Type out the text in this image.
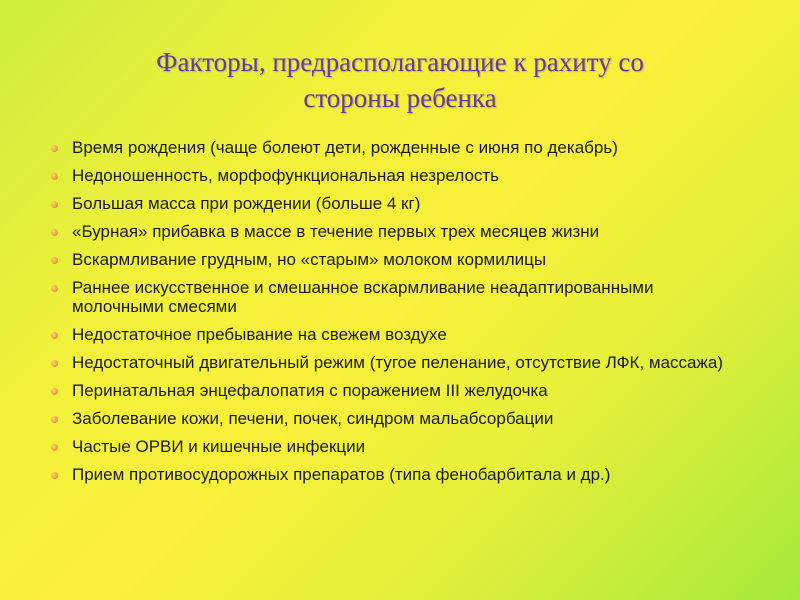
Факторы, предрасполагающие к рахиту со
стороны ребенка
Время рождения (чаще болеют дети, рожденные с июня по декабрь)
Недоношенность, морфофункциональная незрелость
Большая масса при рождении (больше 4 кг)
«Бурная» прибавка в массе в течение первых трех месяцев жизни
Вскармливание грудным, но «старым» молоком кормилицы
Раннее искусственное и смешанное вскармливание неадаптированными молочными смесями
Недостаточное пребывание на свежем воздухе
Недостаточный двигательный режим (тугое пеленание, отсутствие ЛФК, массажа)
Перинатальная энцефалопатия с поражением III желудочка
Заболевание кожи, печени, почек, синдром мальабсорбации
Частые ОРВИ и кишечные инфекции
Прием противосудорожных препаратов (типа фенобарбитала и др.)
